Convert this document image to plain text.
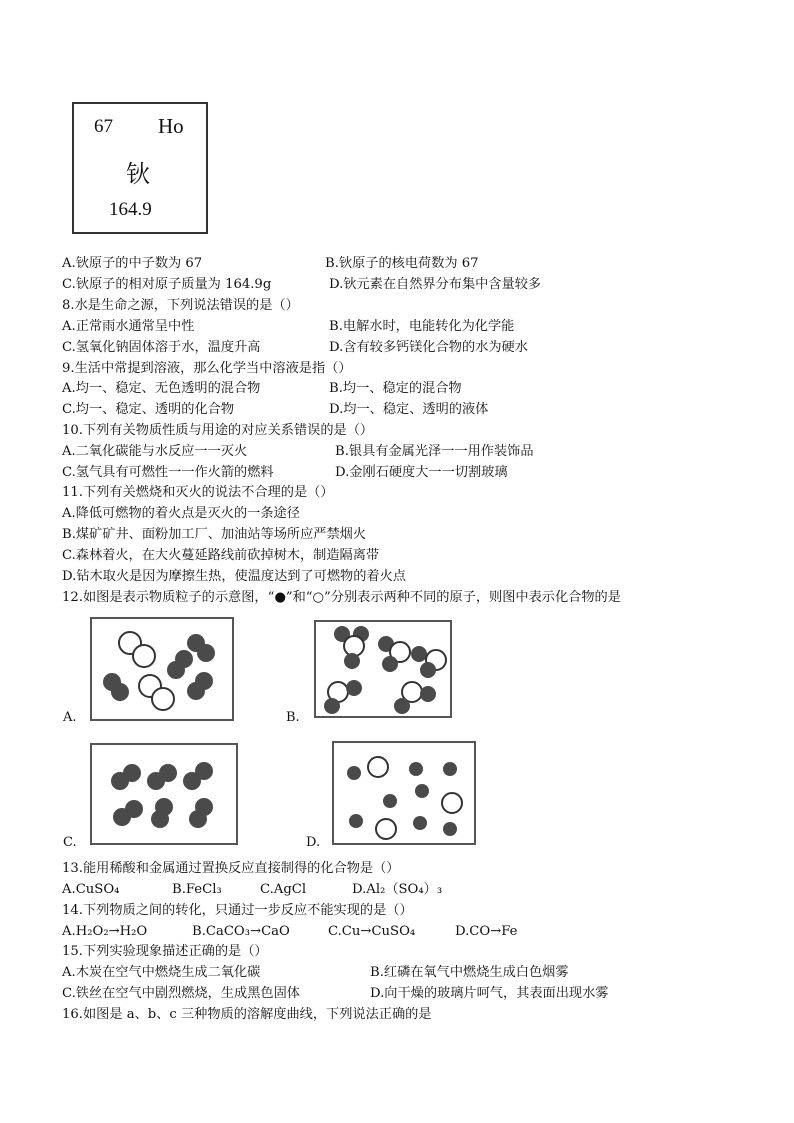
67 Ho
钬
164.9
A.钬原子的中子数为 67	B.钬原子的核电荷数为 67
C.钬原子的相对原子质量为 164.9g	D.钬元素在自然界分布集中含量较多
8.水是生命之源，下列说法错误的是（）
A.正常雨水通常呈中性	B.电解水时，电能转化为化学能
C.氢氧化钠固体溶于水，温度升高	D.含有较多钙镁化合物的水为硬水
9.生活中常提到溶液，那么化学当中溶液是指（）
A.均一、稳定、无色透明的混合物	B.均一、稳定的混合物
C.均一、稳定、透明的化合物	D.均一、稳定、透明的液体
10.下列有关物质性质与用途的对应关系错误的是（）
A.二氧化碳能与水反应一一灭火	B.银具有金属光泽一一用作装饰品
C.氢气具有可燃性一一作火箭的燃料	D.金刚石硬度大一一切割玻璃
11.下列有关燃烧和灭火的说法不合理的是（）
A.降低可燃物的着火点是灭火的一条途径
B.煤矿矿井、面粉加工厂、加油站等场所应严禁烟火
C.森林着火，在大火蔓延路线前砍掉树木，制造隔离带
D.钻木取火是因为摩擦生热，使温度达到了可燃物的着火点
12.如图是表示物质粒子的示意图，“●”和“○”分别表示两种不同的原子，则图中表示化合物的是
A.	B.
C.	D.
13.能用稀酸和金属通过置换反应直接制得的化合物是（）
A.CuSO₄	B.FeCl₃	C.AgCl	D.Al₂（SO₄）₃
14.下列物质之间的转化，只通过一步反应不能实现的是（）
A.H₂O₂→H₂O	B.CaCO₃→CaO	C.Cu→CuSO₄	D.CO→Fe
15.下列实验现象描述正确的是（）
A.木炭在空气中燃烧生成二氧化碳	B.红磷在氧气中燃烧生成白色烟雾
C.铁丝在空气中剧烈燃烧，生成黑色固体	D.向干燥的玻璃片呵气，其表面出现水雾
16.如图是 a、b、c 三种物质的溶解度曲线，下列说法正确的是
